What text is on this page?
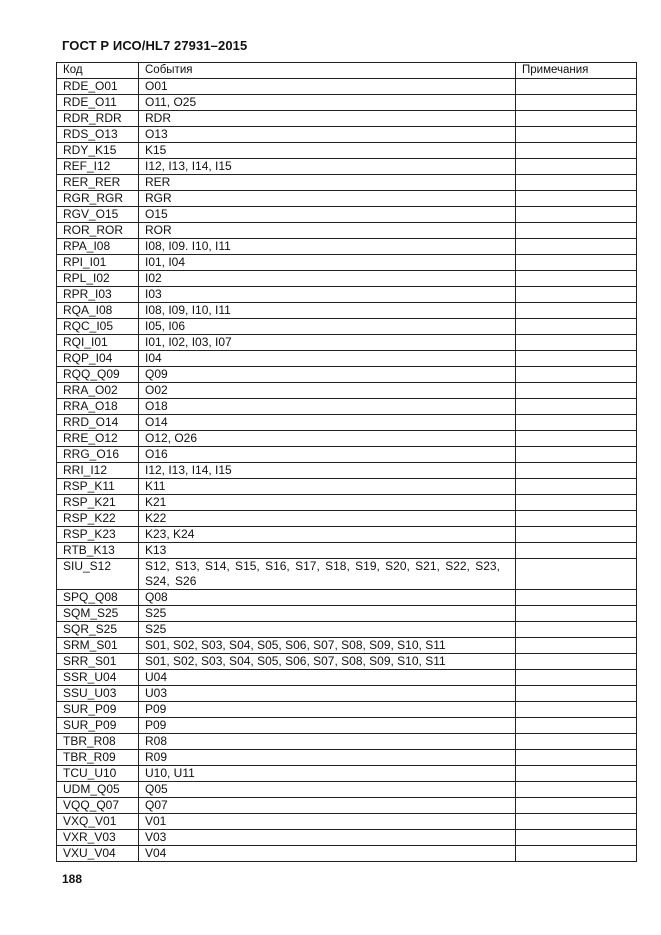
ГОСТ Р ИСО/HL7 27931–2015
Код	События	Примечания
RDE_O01	O01	
RDE_O11	O11, O25	
RDR_RDR	RDR	
RDS_O13	O13	
RDY_K15	K15	
REF_I12	I12, I13, I14, I15	
RER_RER	RER	
RGR_RGR	RGR	
RGV_O15	O15	
ROR_ROR	ROR	
RPA_I08	I08, I09. I10, I11	
RPI_I01	I01, I04	
RPL_I02	I02	
RPR_I03	I03	
RQA_I08	I08, I09, I10, I11	
RQC_I05	I05, I06	
RQI_I01	I01, I02, I03, I07	
RQP_I04	I04	
RQQ_Q09	Q09	
RRA_O02	O02	
RRA_O18	O18	
RRD_O14	O14	
RRE_O12	O12, O26	
RRG_O16	O16	
RRI_I12	I12, I13, I14, I15	
RSP_K11	K11	
RSP_K21	K21	
RSP_K22	K22	
RSP_K23	K23, K24	
RTB_K13	K13	
SIU_S12	S12, S13, S14, S15, S16, S17, S18, S19, S20, S21, S22, S23, S24, S26	
SPQ_Q08	Q08	
SQM_S25	S25	
SQR_S25	S25	
SRM_S01	S01, S02, S03, S04, S05, S06, S07, S08, S09, S10, S11	
SRR_S01	S01, S02, S03, S04, S05, S06, S07, S08, S09, S10, S11	
SSR_U04	U04	
SSU_U03	U03	
SUR_P09	P09	
SUR_P09	P09	
TBR_R08	R08	
TBR_R09	R09	
TCU_U10	U10, U11	
UDM_Q05	Q05	
VQQ_Q07	Q07	
VXQ_V01	V01	
VXR_V03	V03	
VXU_V04	V04	
188
